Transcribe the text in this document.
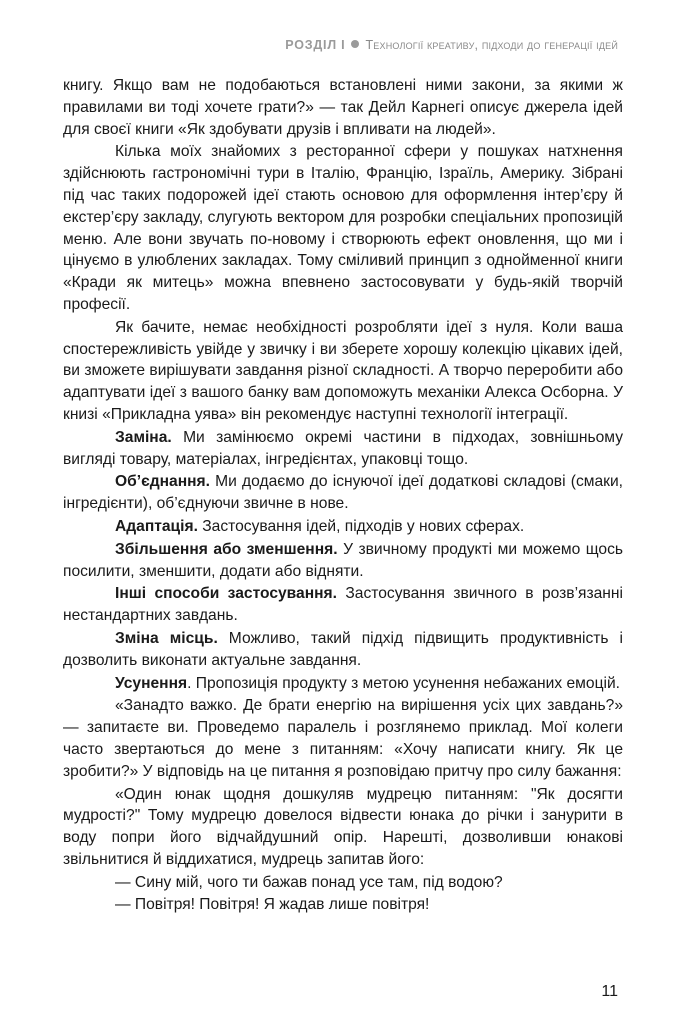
РОЗДІЛ І Технології креативу, підходи до генерації ідей

книгу. Якщо вам не подобаються встановлені ними закони, за якими ж правилами ви тоді хочете грати?» — так Дейл Карнегі описує джерела ідей для своєї книги «Як здобувати друзів і впливати на людей».

Кілька моїх знайомих з ресторанної сфери у пошуках натхнення здійснюють гастрономічні тури в Італію, Францію, Ізраїль, Америку. Зібрані під час таких подорожей ідеї стають основою для оформлення інтер’єру й екстер’єру закладу, слугують вектором для розробки спеціальних пропозицій меню. Але вони звучать по-новому і створюють ефект оновлення, що ми і цінуємо в улюблених закладах. Тому сміливий принцип з однойменної книги «Кради як митець» можна впевнено застосовувати у будь-якій творчій професії.

Як бачите, немає необхідності розробляти ідеї з нуля. Коли ваша спостережливість увійде у звичку і ви зберете хорошу колекцію цікавих ідей, ви зможете вирішувати завдання різної складності. А творчо переробити або адаптувати ідеї з вашого банку вам допоможуть механіки Алекса Осборна. У книзі «Прикладна уява» він рекомендує наступні технології інтеграції.

Заміна. Ми замінюємо окремі частини в підходах, зовнішньому вигляді товару, матеріалах, інгредієнтах, упаковці тощо.

Об’єднання. Ми додаємо до існуючої ідеї додаткові складові (смаки, інгредієнти), об’єднуючи звичне в нове.

Адаптація. Застосування ідей, підходів у нових сферах.

Збільшення або зменшення. У звичному продукті ми можемо щось посилити, зменшити, додати або відняти.

Інші способи застосування. Застосування звичного в розв’язанні нестандартних завдань.

Зміна місць. Можливо, такий підхід підвищить продуктивність і дозволить виконати актуальне завдання.

Усунення. Пропозиція продукту з метою усунення небажаних емоцій.

«Занадто важко. Де брати енергію на вирішення усіх цих завдань?» — запитаєте ви. Проведемо паралель і розглянемо приклад. Мої колеги часто звертаються до мене з питанням: «Хочу написати книгу. Як це зробити?» У відповідь на це питання я розповідаю притчу про силу бажання:

«Один юнак щодня дошкуляв мудрецю питанням: "Як досягти мудрості?" Тому мудрецю довелося відвести юнака до річки і занурити в воду попри його відчайдушний опір. Нарешті, дозволивши юнакові звільнитися й віддихатися, мудрець запитав його:

— Сину мій, чого ти бажав понад усе там, під водою?

— Повітря! Повітря! Я жадав лише повітря!

11
